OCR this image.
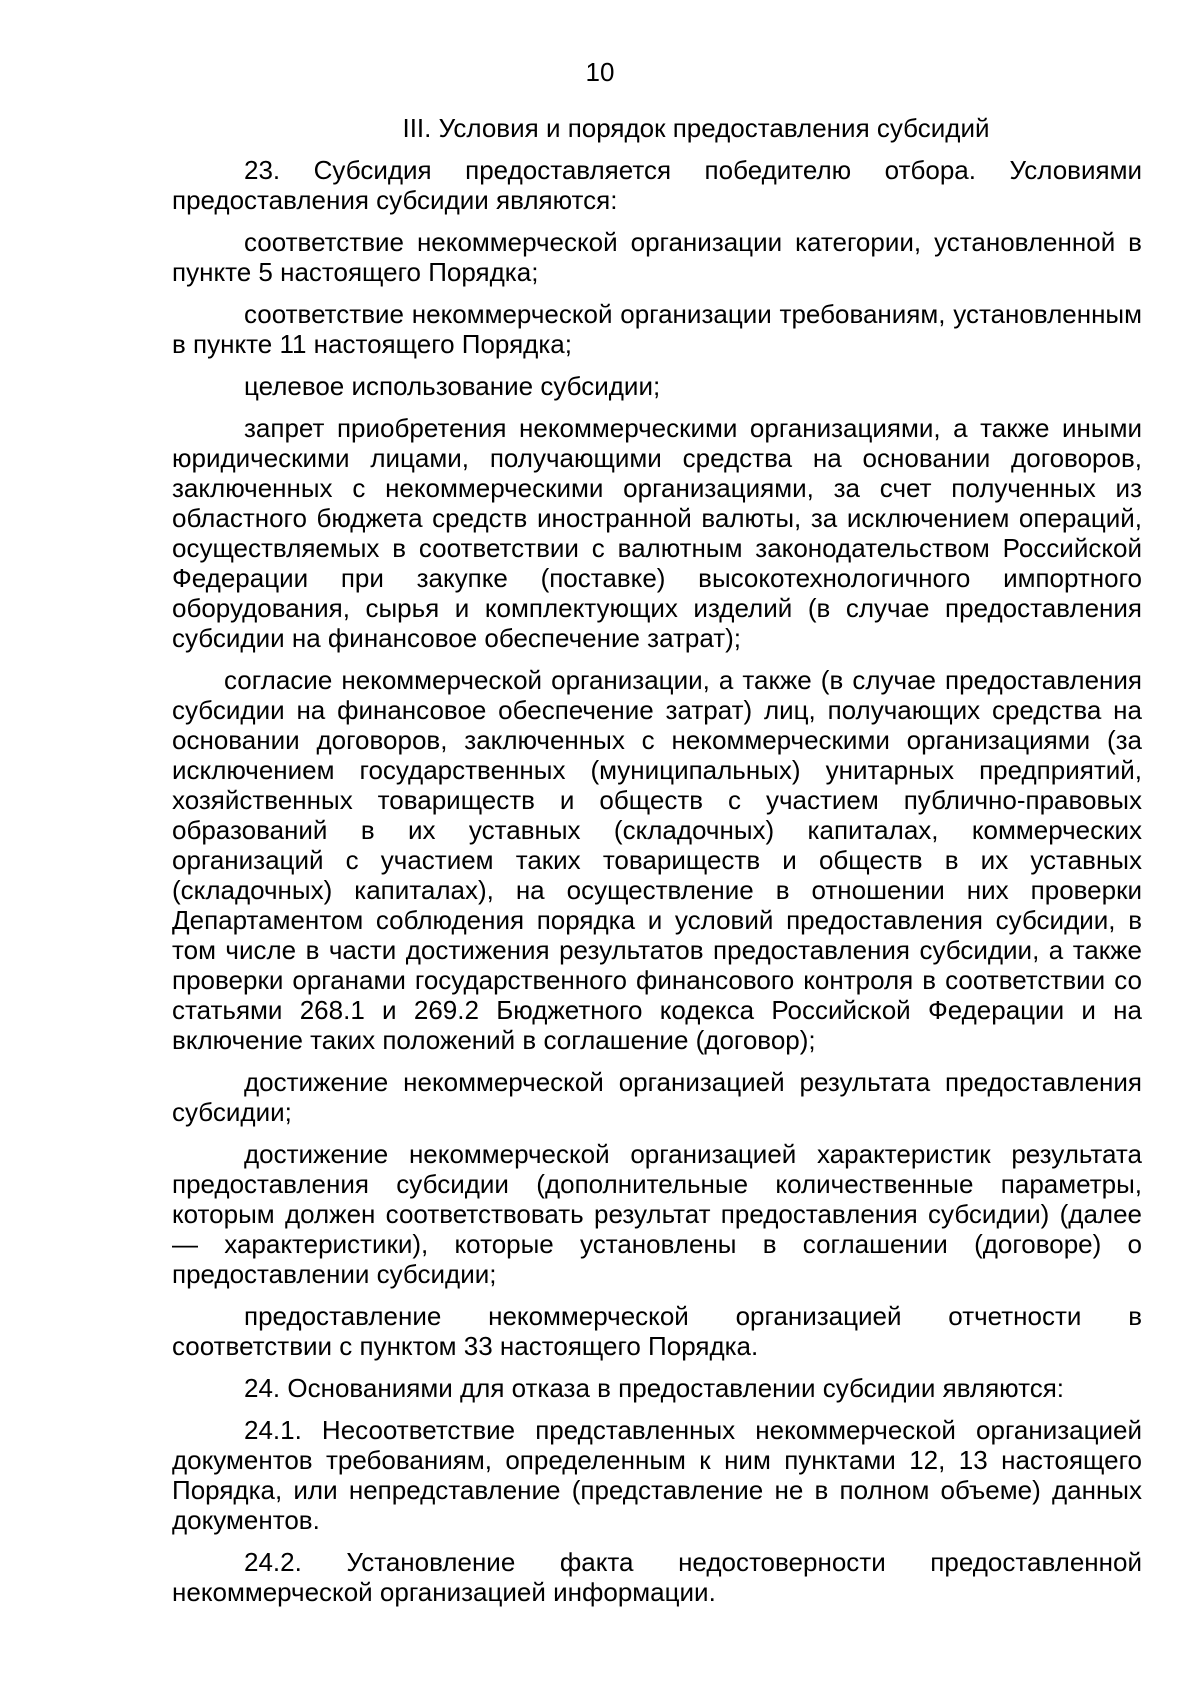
10

III. Условия и порядок предоставления субсидий

23. Субсидия предоставляется победителю отбора. Условиями предоставления субсидии являются:

соответствие некоммерческой организации категории, установленной в пункте 5 настоящего Порядка;

соответствие некоммерческой организации требованиям, установленным в пункте 11 настоящего Порядка;

целевое использование субсидии;

запрет приобретения некоммерческими организациями, а также иными юридическими лицами, получающими средства на основании договоров, заключенных с некоммерческими организациями, за счет полученных из областного бюджета средств иностранной валюты, за исключением операций, осуществляемых в соответствии с валютным законодательством Российской Федерации при закупке (поставке) высокотехнологичного импортного оборудования, сырья и комплектующих изделий (в случае предоставления субсидии на финансовое обеспечение затрат);

согласие некоммерческой организации, а также (в случае предоставления субсидии на финансовое обеспечение затрат) лиц, получающих средства на основании договоров, заключенных с некоммерческими организациями (за исключением государственных (муниципальных) унитарных предприятий, хозяйственных товариществ и обществ с участием публично-правовых образований в их уставных (складочных) капиталах, коммерческих организаций с участием таких товариществ и обществ в их уставных (складочных) капиталах), на осуществление в отношении них проверки Департаментом соблюдения порядка и условий предоставления субсидии, в том числе в части достижения результатов предоставления субсидии, а также проверки органами государственного финансового контроля в соответствии со статьями 268.1 и 269.2 Бюджетного кодекса Российской Федерации и на включение таких положений в соглашение (договор);

достижение некоммерческой организацией результата предоставления субсидии;

достижение некоммерческой организацией характеристик результата предоставления субсидии (дополнительные количественные параметры, которым должен соответствовать результат предоставления субсидии) (далее — характеристики), которые установлены в соглашении (договоре) о предоставлении субсидии;

предоставление некоммерческой организацией отчетности в соответствии с пунктом 33 настоящего Порядка.

24. Основаниями для отказа в предоставлении субсидии являются:

24.1. Несоответствие представленных некоммерческой организацией документов требованиям, определенным к ним пунктами 12, 13 настоящего Порядка, или непредставление (представление не в полном объеме) данных документов.

24.2. Установление факта недостоверности предоставленной некоммерческой организацией информации.
